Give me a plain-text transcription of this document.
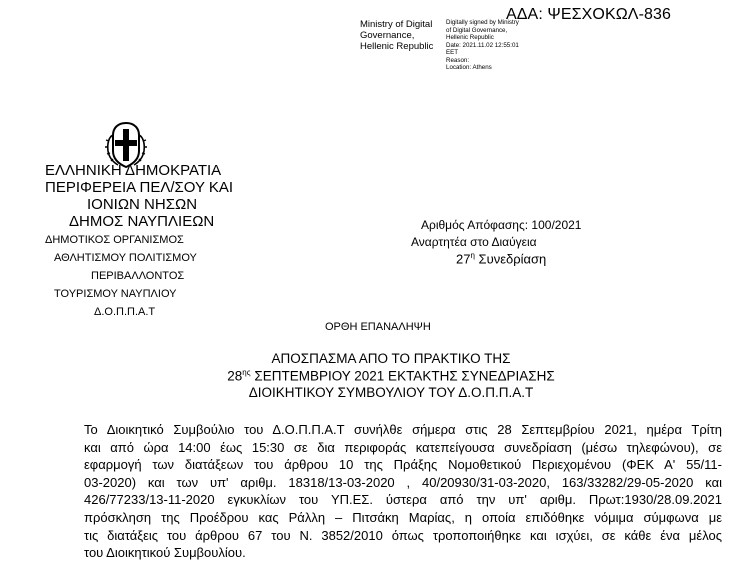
ΑΔΑ: ΨΕΣΧΟΚΩΛ-836
Ministry of Digital
Governance,
Hellenic Republic
Digitally signed by Ministry
of Digital Governance,
Hellenic Republic
Date: 2021.11.02 12:55:01
EET
Reason:
Location: Athens
ΕΛΛΗΝΙΚΗ ΔΗΜΟΚΡΑΤΙΑ
ΠΕΡΙΦΕΡΕΙΑ ΠΕΛ/ΣΟΥ ΚΑΙ
ΙΟΝΙΩΝ ΝΗΣΩΝ
ΔΗΜΟΣ ΝΑΥΠΛΙΕΩΝ
ΔΗΜΟΤΙΚΟΣ ΟΡΓΑΝΙΣΜΟΣ
ΑΘΛΗΤΙΣΜΟΥ ΠΟΛΙΤΙΣΜΟΥ
ΠΕΡΙΒΑΛΛΟΝΤΟΣ
ΤΟΥΡΙΣΜΟΥ ΝΑΥΠΛΙΟΥ
Δ.Ο.Π.Π.Α.Τ
Αριθμός Απόφασης: 100/2021
Αναρτητέα στο Διαύγεια
$27^\eta$ Συνεδρίαση
ΟΡΘΗ ΕΠΑΝΑΛΗΨΗ
ΑΠΟΣΠΑΣΜΑ ΑΠΟ ΤΟ ΠΡΑΚΤΙΚΟ ΤΗΣ
$28^{\eta\varsigma}$ ΣΕΠΤΕΜΒΡΙΟΥ 2021 ΕΚΤΑΚΤΗΣ ΣΥΝΕΔΡΙΑΣΗΣ
ΔΙΟΙΚΗΤΙΚΟΥ ΣΥΜΒΟΥΛΙΟΥ ΤΟΥ Δ.Ο.Π.Π.Α.Τ
Το Διοικητικό Συμβούλιο του Δ.Ο.Π.Π.Α.Τ συνήλθε σήμερα στις 28 Σεπτεμβρίου 2021, ημέρα Τρίτη
και από ώρα 14:00 έως 15:30 σε δια περιφοράς κατεπείγουσα συνεδρίαση (μέσω τηλεφώνου), σε
εφαρμογή των διατάξεων του άρθρου 10 της Πράξης Νομοθετικού Περιεχομένου (ΦΕΚ Α' 55/11-
03-2020) και των υπ' αριθμ. 18318/13-03-2020 , 40/20930/31-03-2020, 163/33282/29-05-2020 και
426/77233/13-11-2020 εγκυκλίων του ΥΠ.ΕΣ. ύστερα από την υπ' αριθμ. Πρωτ:1930/28.09.2021
πρόσκληση της Προέδρου κας Ράλλη – Πιτσάκη Μαρίας, η οποία επιδόθηκε νόμιμα σύμφωνα με
τις διατάξεις του άρθρου 67 του Ν. 3852/2010 όπως τροποποιήθηκε και ισχύει, σε κάθε ένα μέλος
του Διοικητικού Συμβουλίου.
